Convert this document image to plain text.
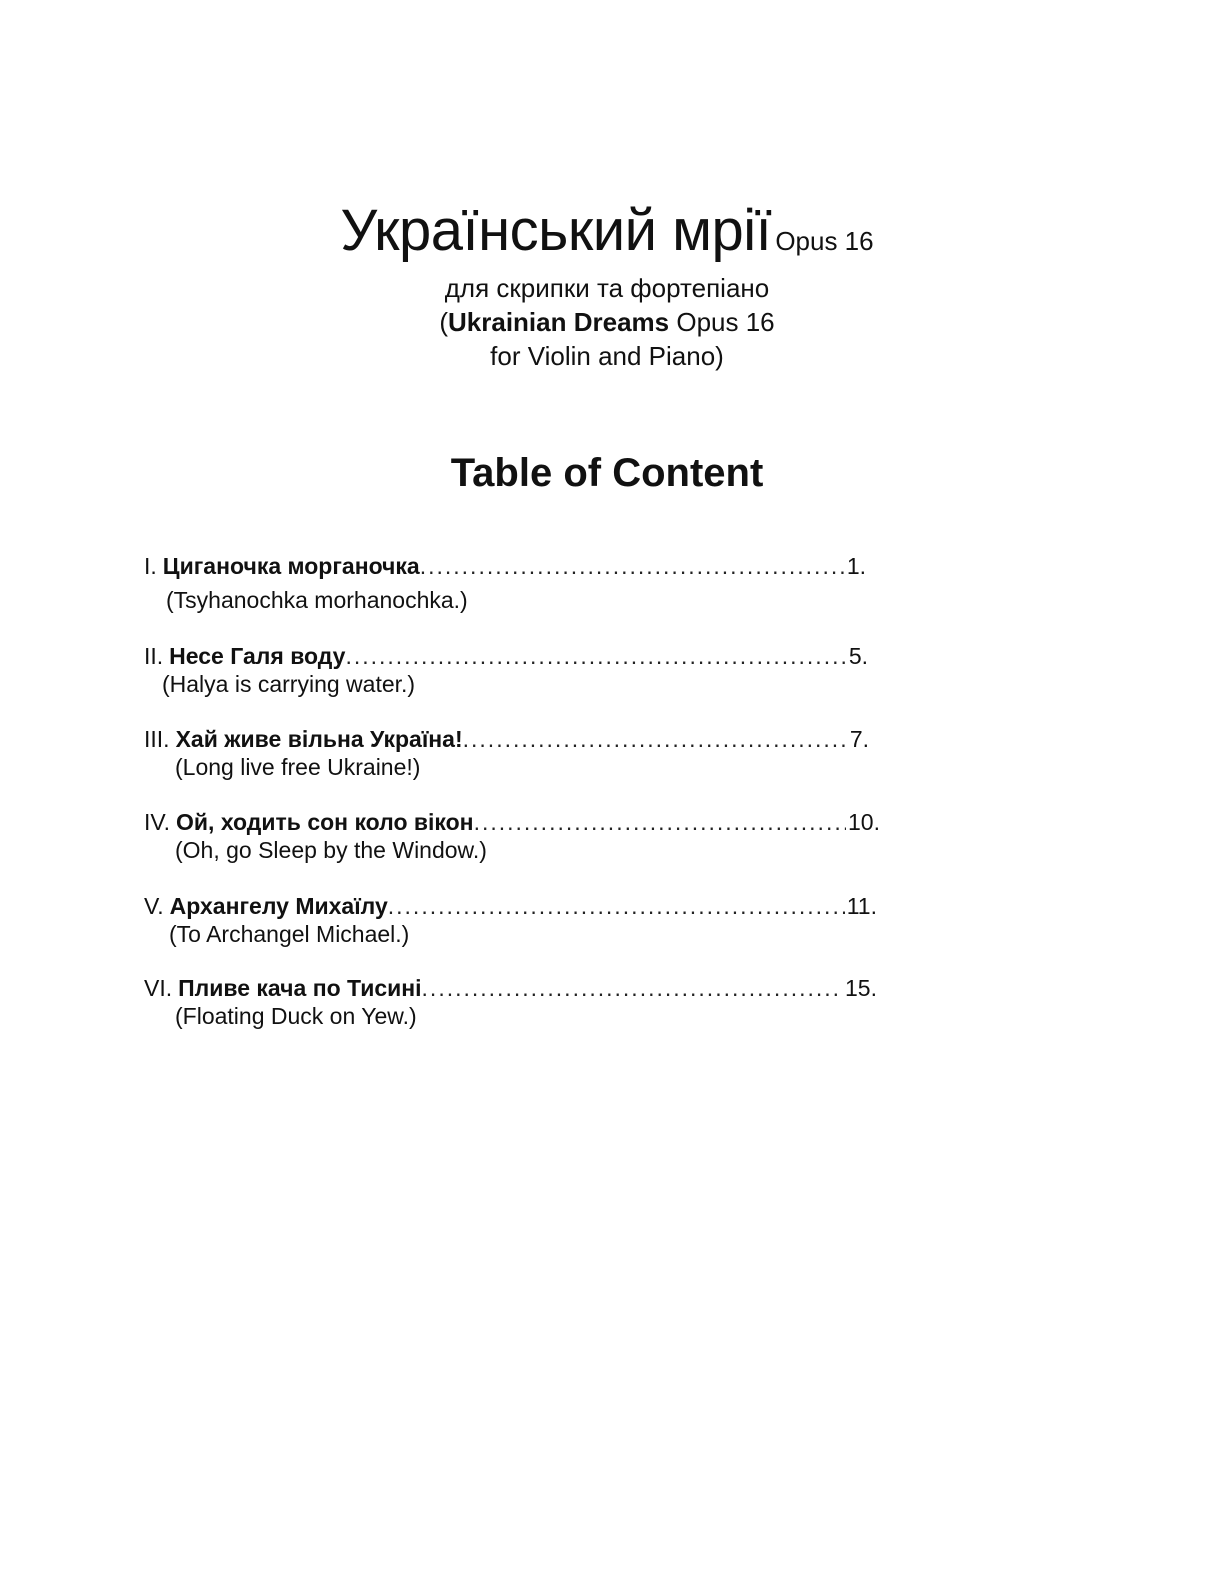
Український мрії Opus 16
для скрипки та фортепіано
(Ukrainian Dreams Opus 16
for Violin and Piano)
Table of Content
I. Циганочка морганочка .....	1.
(Tsyhanochka morhanochka.)
II. Несе Галя воду .....	5.
(Halya is carrying water.)
III. Хай живе вільна Україна! .....	7.
(Long live free Ukraine!)
IV. Ой, ходить сон коло вікон .....	10.
(Oh, go Sleep by the Window.)
V. Архангелу Михаїлу .....	11.
(To Archangel Michael.)
VI. Пливе кача по Тисині .....	15.
(Floating Duck on Yew.)
